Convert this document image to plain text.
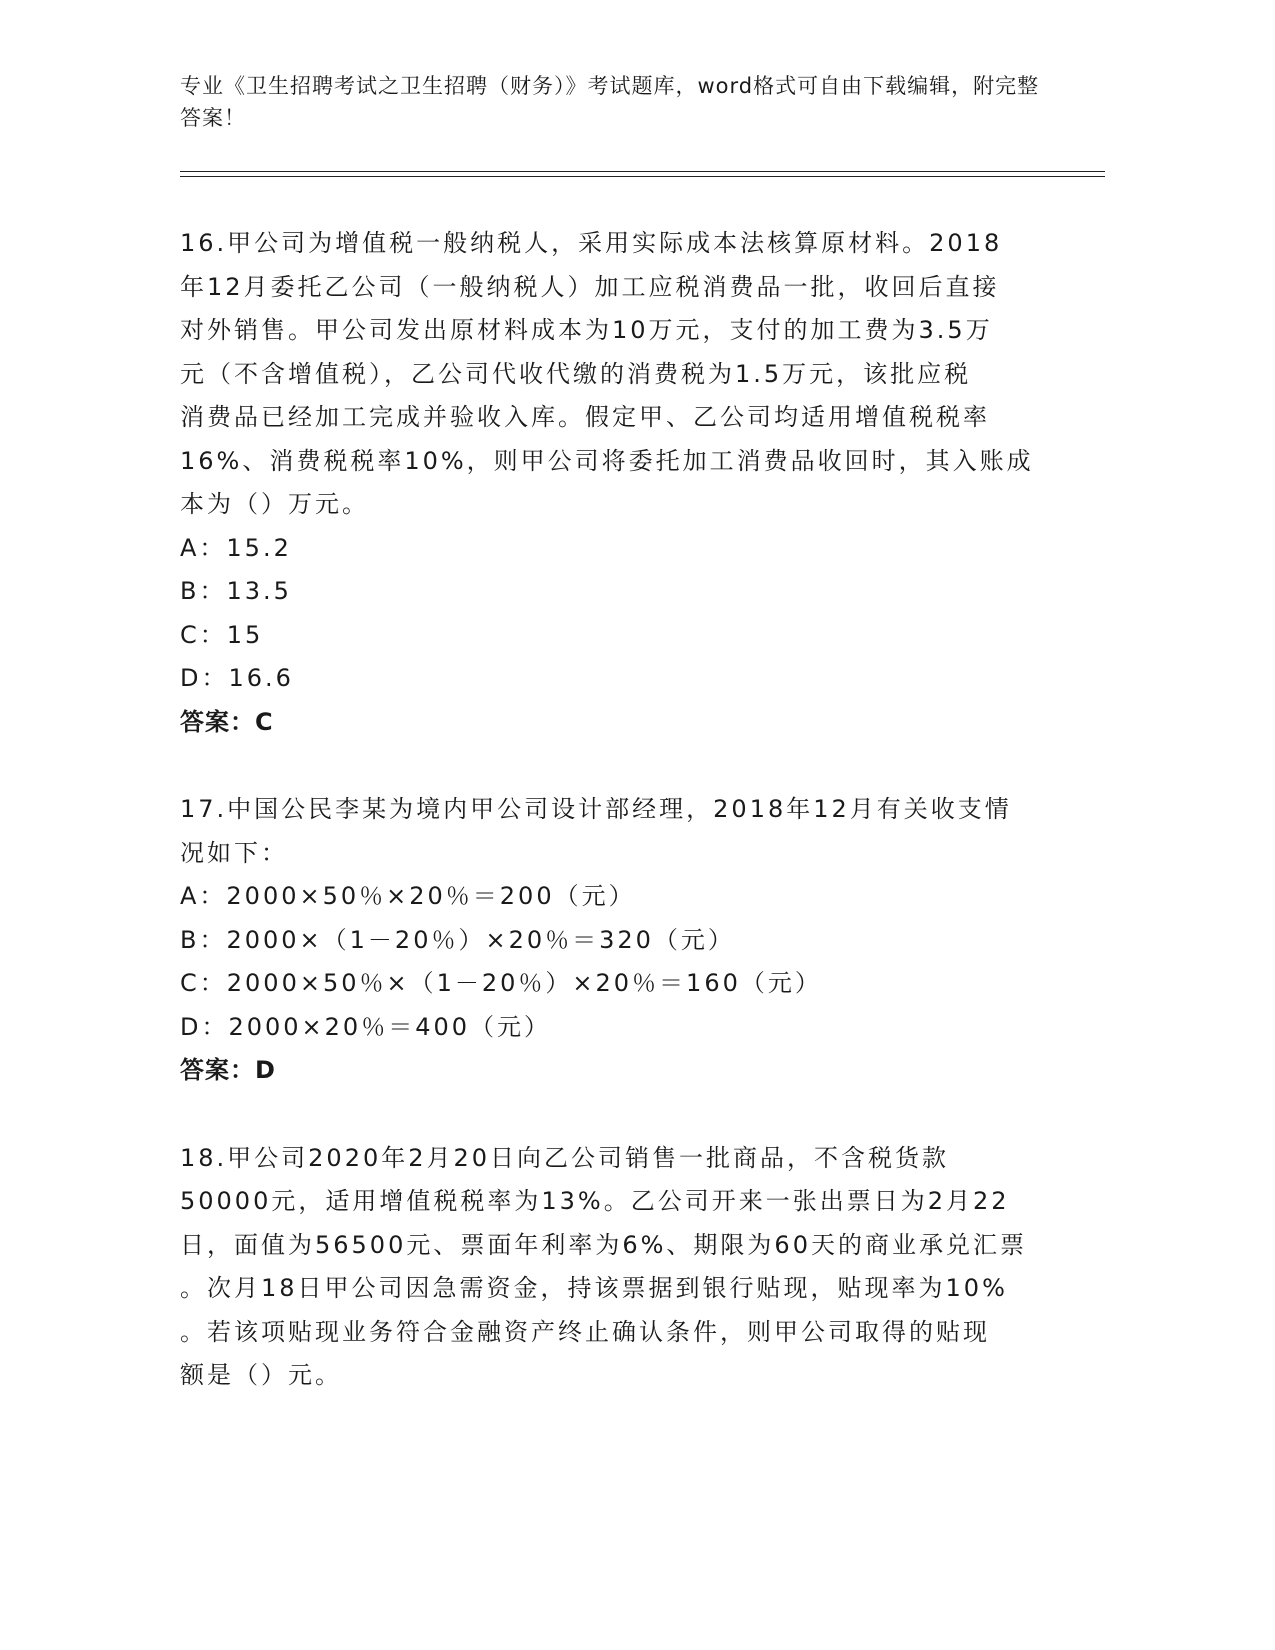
专业《卫生招聘考试之卫生招聘（财务）》考试题库，word格式可自由下载编辑，附完整答案！

16.甲公司为增值税一般纳税人，采用实际成本法核算原材料。2018
年12月委托乙公司（一般纳税人）加工应税消费品一批，收回后直接
对外销售。甲公司发出原材料成本为10万元，支付的加工费为3.5万
元（不含增值税），乙公司代收代缴的消费税为1.5万元，该批应税
消费品已经加工完成并验收入库。假定甲、乙公司均适用增值税税率
16%、消费税税率10%，则甲公司将委托加工消费品收回时，其入账成
本为（）万元。

A：15.2

B：13.5

C：15

D：16.6

答案：C

17.中国公民李某为境内甲公司设计部经理，2018年12月有关收支情
况如下：

A：2000×50％×20％＝200（元）

B：2000×（1－20％）×20％＝320（元）

C：2000×50％×（1－20％）×20％＝160（元）

D：2000×20％＝400（元）

答案：D

18.甲公司2020年2月20日向乙公司销售一批商品，不含税货款
50000元，适用增值税税率为13%。乙公司开来一张出票日为2月22
日，面值为56500元、票面年利率为6%、期限为60天的商业承兑汇票
。次月18日甲公司因急需资金，持该票据到银行贴现，贴现率为10%
。若该项贴现业务符合金融资产终止确认条件，则甲公司取得的贴现
额是（）元。
